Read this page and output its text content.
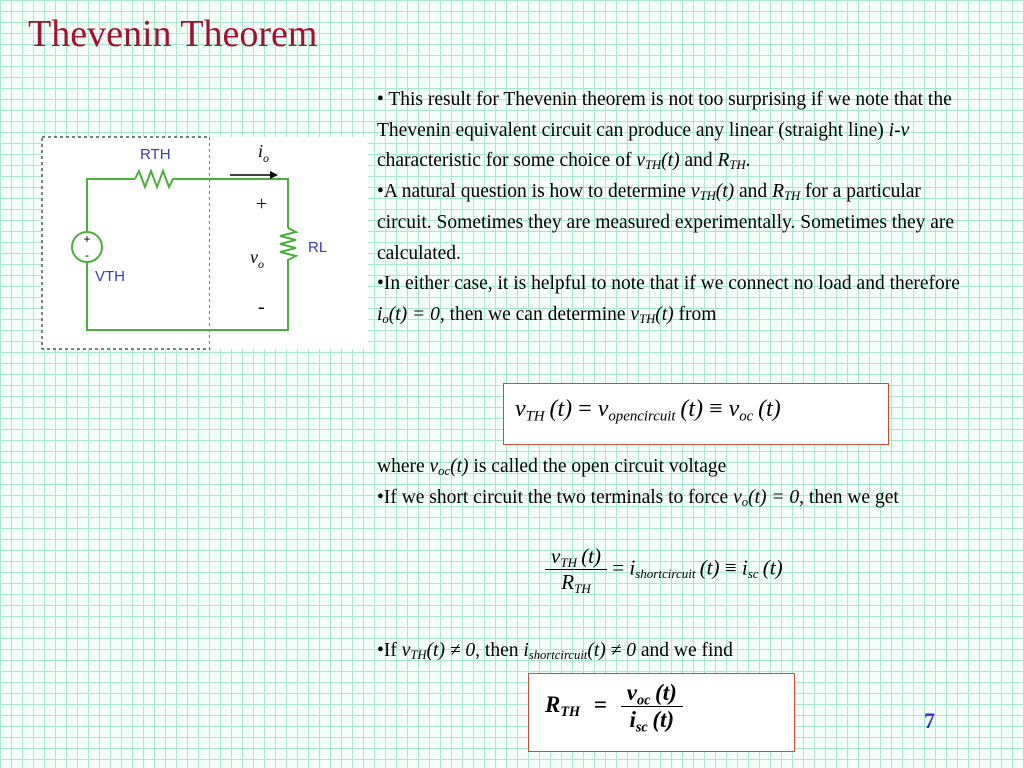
Thevenin Theorem
+
-
RTH
RL
VTH
$i_o$
+
$v_o$
-

• This result for Thevenin theorem is not too surprising if we note that the Thevenin equivalent circuit can produce any linear (straight line) i-v characteristic for some choice of $v_{TH}(t)$ and $R_{TH}$.

•A natural question is how to determine $v_{TH}(t)$ and $R_{TH}$ for a particular circuit. Sometimes they are measured experimentally. Sometimes they are calculated.

•In either case, it is helpful to note that if we connect no load and therefore $i_o(t) = 0$, then we can determine $v_{TH}(t)$ from

$v_{TH}$  $(t) = v_{opencircuit}$  $(t) \equiv v_{oc}$  (t)

where $v_{oc}(t)$ is called the open circuit voltage

•If we short circuit the two terminals to force $v_o(t) = 0$, then we get

$\frac{v_{TH} (t)}{R_{TH}} = i_{shortcircuit}$  $(t) \equiv i_{sc}$  (t)

•If $v_{TH}(t) \ne 0$, then $i_{shortcircuit}(t) \ne 0$ and we find

$R_{TH} = \frac{v_{oc} (t)}{i_{sc} (t)}$	7
